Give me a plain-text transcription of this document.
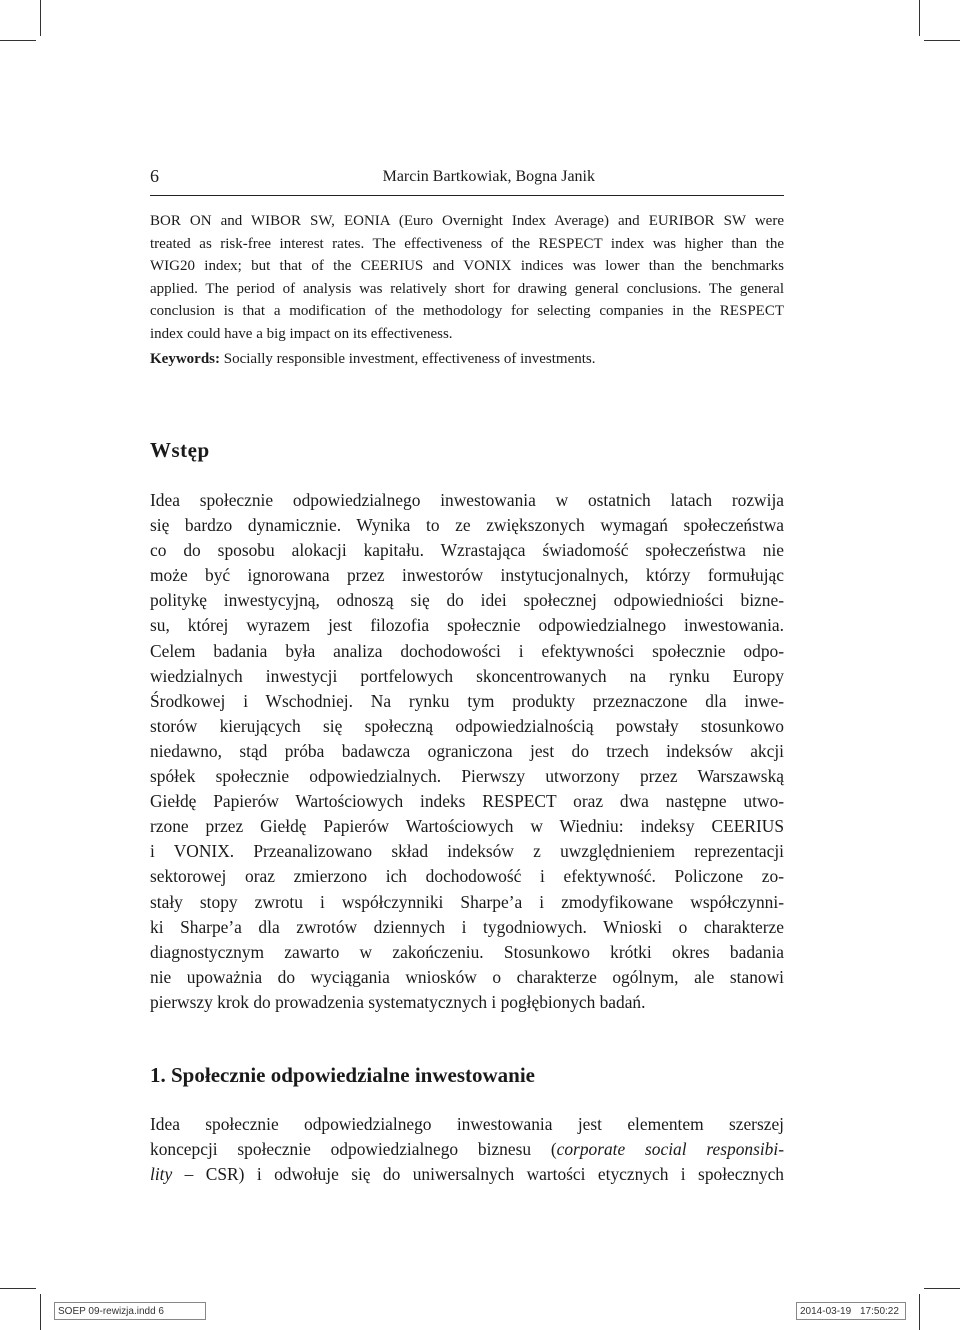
6	Marcin Bartkowiak, Bogna Janik
BOR ON and WIBOR SW, EONIA (Euro Overnight Index Average) and EURIBOR SW were
treated as risk-free interest rates. The effectiveness of the RESPECT index was higher than the
WIG20 index; but that of the CEERIUS and VONIX indices was lower than the benchmarks
applied. The period of analysis was relatively short for drawing general conclusions. The general
conclusion is that a modification of the methodology for selecting companies in the RESPECT
index could have a big impact on its effectiveness.
Keywords: Socially responsible investment, effectiveness of investments.
Wstęp
Idea społecznie odpowiedzialnego inwestowania w ostatnich latach rozwija
się bardzo dynamicznie. Wynika to ze zwiększonych wymagań społeczeństwa
co do sposobu alokacji kapitału. Wzrastająca świadomość społeczeństwa nie
może być ignorowana przez inwestorów instytucjonalnych, którzy formułując
politykę inwestycyjną, odnoszą się do idei społecznej odpowiedniości bizne-
su, której wyrazem jest filozofia społecznie odpowiedzialnego inwestowania.
Celem badania była analiza dochodowości i efektywności społecznie odpo-
wiedzialnych inwestycji portfelowych skoncentrowanych na rynku Europy
Środkowej i Wschodniej. Na rynku tym produkty przeznaczone dla inwe-
storów kierujących się społeczną odpowiedzialnością powstały stosunkowo
niedawno, stąd próba badawcza ograniczona jest do trzech indeksów akcji
spółek społecznie odpowiedzialnych. Pierwszy utworzony przez Warszawską
Giełdę Papierów Wartościowych indeks RESPECT oraz dwa następne utwo-
rzone przez Giełdę Papierów Wartościowych w Wiedniu: indeksy CEERIUS
i VONIX. Przeanalizowano skład indeksów z uwzględnieniem reprezentacji
sektorowej oraz zmierzono ich dochodowość i efektywność. Policzone zo-
stały stopy zwrotu i współczynniki Sharpe’a i zmodyfikowane współczynni-
ki Sharpe’a dla zwrotów dziennych i tygodniowych. Wnioski o charakterze
diagnostycznym zawarto w zakończeniu. Stosunkowo krótki okres badania
nie upoważnia do wyciągania wniosków o charakterze ogólnym, ale stanowi
pierwszy krok do prowadzenia systematycznych i pogłębionych badań.
1. Społecznie odpowiedzialne inwestowanie
Idea społecznie odpowiedzialnego inwestowania jest elementem szerszej
koncepcji społecznie odpowiedzialnego biznesu (corporate social responsibi-
lity – CSR) i odwołuje się do uniwersalnych wartości etycznych i społecznych
SOEP 09-rewizja.indd 6	2014-03-19 17:50:22
